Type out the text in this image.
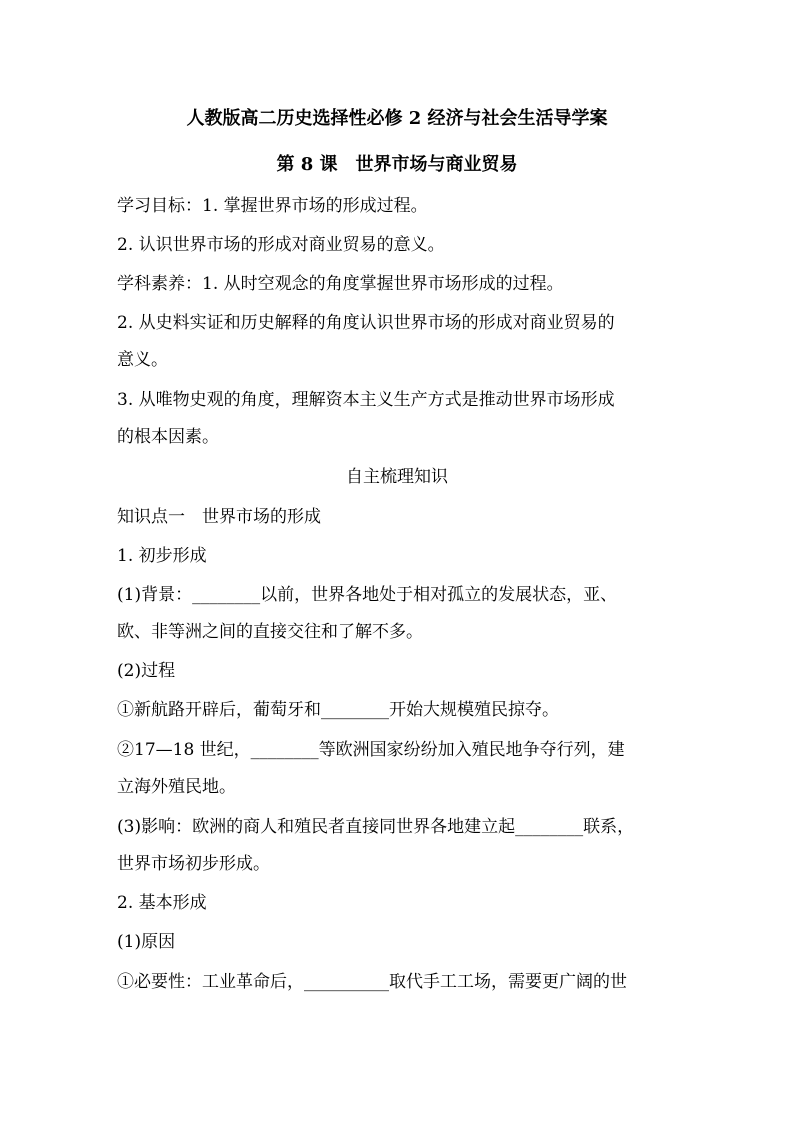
人教版高二历史选择性必修 2 经济与社会生活导学案
第 8 课　世界市场与商业贸易

学习目标：1. 掌握世界市场的形成过程。

2. 认识世界市场的形成对商业贸易的意义。

学科素养：1. 从时空观念的角度掌握世界市场形成的过程。

2. 从史料实证和历史解释的角度认识世界市场的形成对商业贸易的

意义。

3. 从唯物史观的角度，理解资本主义生产方式是推动世界市场形成

的根本因素。

自主梳理知识

知识点一　世界市场的形成

1. 初步形成

(1)背景：________以前，世界各地处于相对孤立的发展状态，亚、

欧、非等洲之间的直接交往和了解不多。

(2)过程

①新航路开辟后，葡萄牙和________开始大规模殖民掠夺。

②17—18 世纪，________等欧洲国家纷纷加入殖民地争夺行列，建

立海外殖民地。

(3)影响：欧洲的商人和殖民者直接同世界各地建立起________联系，

世界市场初步形成。

2. 基本形成

(1)原因

①必要性：工业革命后，__________取代手工工场，需要更广阔的世
